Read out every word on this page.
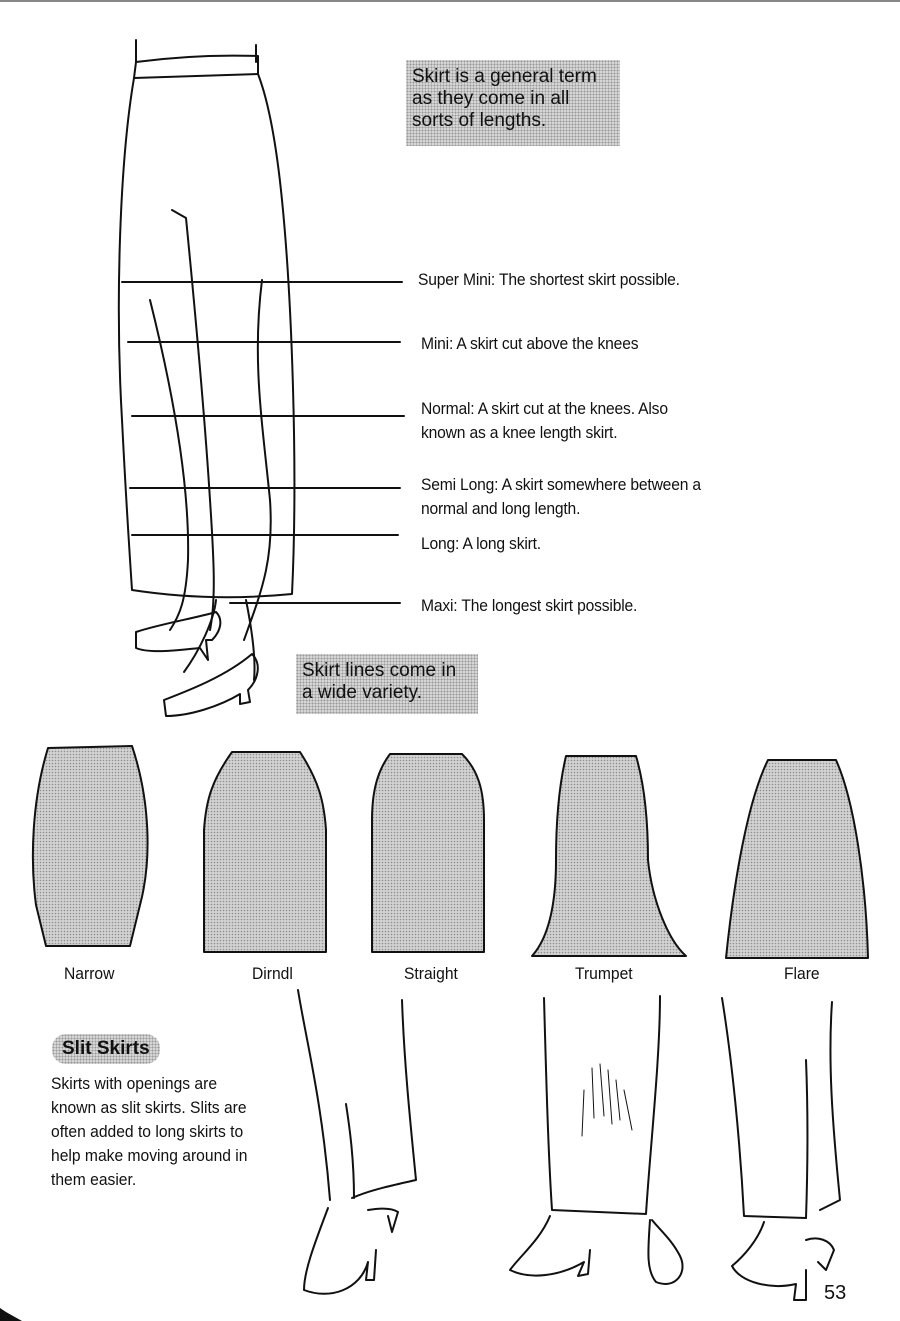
Skirt is a general term as they come in all sorts of lengths.
Skirt lines come in a wide variety.
Super Mini: The shortest skirt possible.
Mini: A skirt cut above the knees
Normal: A skirt cut at the knees. Also known as a knee length skirt.
Semi Long: A skirt somewhere between a normal and long length.
Long: A long skirt.
Maxi: The longest skirt possible.
Narrow	Dirndl	Straight	Trumpet	Flare
Slit Skirts
Skirts with openings are known as slit skirts. Slits are often added to long skirts to help make moving around in them easier.
53
